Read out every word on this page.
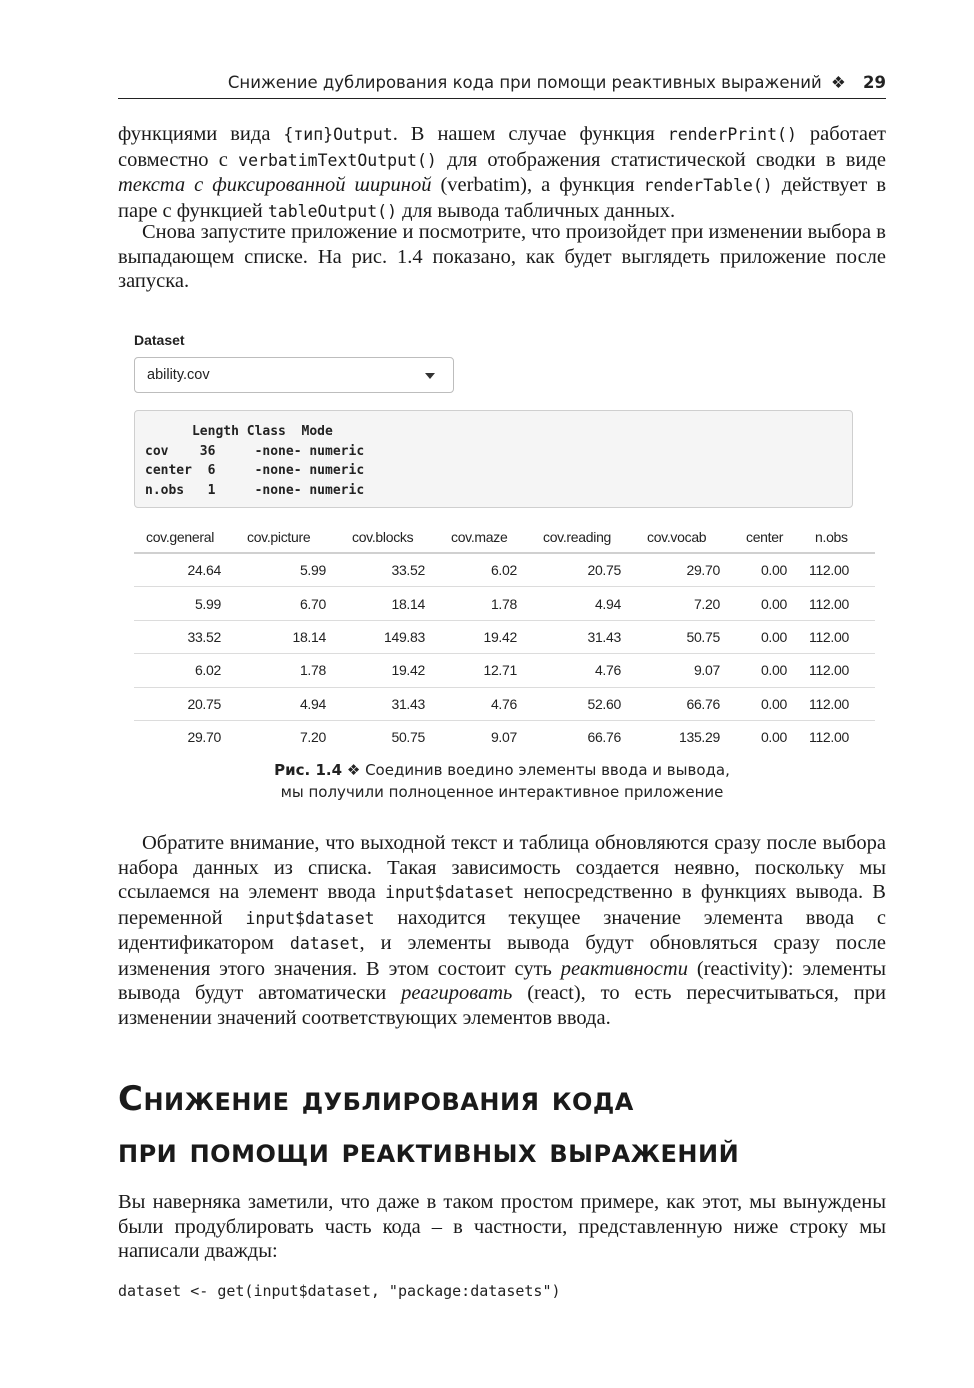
Снижение дублирования кода при помощи реактивных выражений ❖ 29
функциями вида {тип}Output. В нашем случае функция renderPrint() работает совместно с verbatimTextOutput() для отображения статистической сводки в виде текста с фиксированной шириной (verbatim), а функция renderTable() действует в паре с функцией tableOutput() для вывода табличных данных.
Снова запустите приложение и посмотрите, что произойдет при изменении выбора в выпадающем списке. На рис. 1.4 показано, как будет выглядеть приложение после запуска.
Dataset
ability.cov
Length Class  Mode
cov    36     -none- numeric
center  6     -none- numeric
n.obs   1     -none- numeric
cov.general	cov.picture	cov.blocks	cov.maze	cov.reading	cov.vocab	center	n.obs

24.64	5.99	33.52	6.02	20.75	29.70	0.00	112.00

5.99	6.70	18.14	1.78	4.94	7.20	0.00	112.00

33.52	18.14	149.83	19.42	31.43	50.75	0.00	112.00

6.02	1.78	19.42	12.71	4.76	9.07	0.00	112.00

20.75	4.94	31.43	4.76	52.60	66.76	0.00	112.00

29.70	7.20	50.75	9.07	66.76	135.29	0.00	112.00
Рис. 1.4 ❖ Соединив воедино элементы ввода и вывода,
мы получили полноценное интерактивное приложение
Обратите внимание, что выходной текст и таблица обновляются сразу после выбора набора данных из списка. Такая зависимость создается неявно, поскольку мы ссылаемся на элемент ввода input$dataset непосредственно в функциях вывода. В переменной input$dataset находится текущее значение элемента ввода с идентификатором dataset, и элементы вывода будут обновляться сразу после изменения этого значения. В этом состоит суть реактивности (reactivity): элементы вывода будут автоматически реагировать (react), то есть пересчитываться, при изменении значений соответствующих элементов ввода.
Снижение дублирования кода
при помощи реактивных выражений
Вы наверняка заметили, что даже в таком простом примере, как этот, мы вынуждены были продублировать часть кода – в частности, представленную ниже строку мы написали дважды:
dataset <- get(input$dataset, "package:datasets")
